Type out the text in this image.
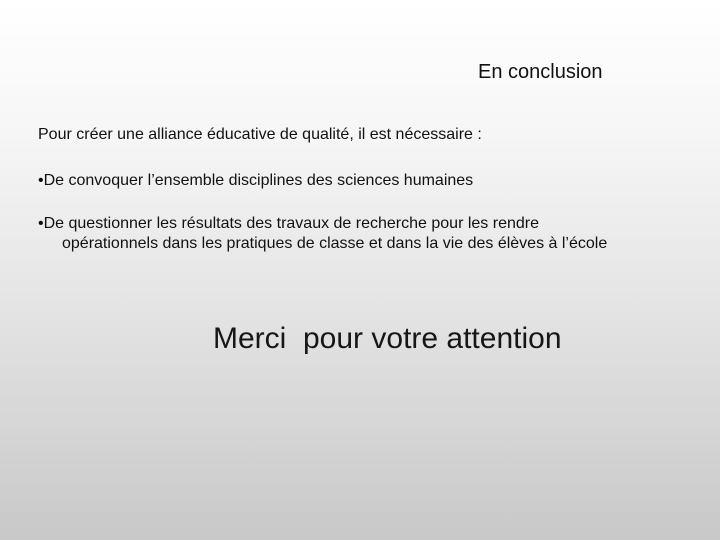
En conclusion
Pour créer une alliance éducative de qualité, il est nécessaire :
•De convoquer l’ensemble disciplines des sciences humaines
•De questionner les résultats des travaux de recherche pour les rendre
opérationnels dans les pratiques de classe et dans la vie des élèves à l’école
Merci  pour votre attention
